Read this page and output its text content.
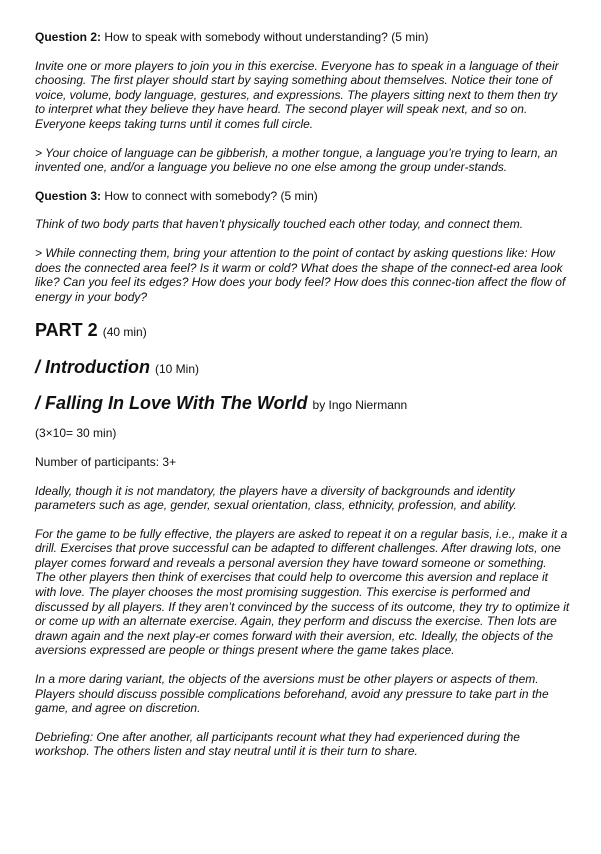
Question 2: How to speak with somebody without understanding? (5 min)

Invite one or more players to join you in this exercise. Everyone has to speak in a language of their choosing. The first player should start by saying something about themselves. Notice their tone of voice, volume, body language, gestures, and expressions. The players sitting next to them then try to interpret what they believe they have heard. The second player will speak next, and so on. Everyone keeps taking turns until it comes full circle.

> Your choice of language can be gibberish, a mother tongue, a language you’re trying to learn, an invented one, and/or a language you believe no one else among the group under-stands.

Question 3: How to connect with somebody? (5 min)

Think of two body parts that haven’t physically touched each other today, and connect them.

> While connecting them, bring your attention to the point of contact by asking questions like: How does the connected area feel? Is it warm or cold? What does the shape of the connect-ed area look like? Can you feel its edges? How does your body feel? How does this connec-tion affect the flow of energy in your body?

PART 2 (40 min)
/ Introduction (10 Min)
/ Falling In Love With The World by Ingo Niermann

(3×10= 30 min)

Number of participants: 3+

Ideally, though it is not mandatory, the players have a diversity of backgrounds and identity parameters such as age, gender, sexual orientation, class, ethnicity, profession, and ability.

For the game to be fully effective, the players are asked to repeat it on a regular basis, i.e., make it a drill. Exercises that prove successful can be adapted to different challenges. After drawing lots, one player comes forward and reveals a personal aversion they have toward someone or something. The other players then think of exercises that could help to overcome this aversion and replace it with love. The player chooses the most promising suggestion. This exercise is performed and discussed by all players. If they aren’t convinced by the success of its outcome, they try to optimize it or come up with an alternate exercise. Again, they perform and discuss the exercise. Then lots are drawn again and the next play-er comes forward with their aversion, etc. Ideally, the objects of the aversions expressed are people or things present where the game takes place.

In a more daring variant, the objects of the aversions must be other players or aspects of them. Players should discuss possible complications beforehand, avoid any pressure to take part in the game, and agree on discretion.

Debriefing: One after another, all participants recount what they had experienced during the workshop. The others listen and stay neutral until it is their turn to share.
